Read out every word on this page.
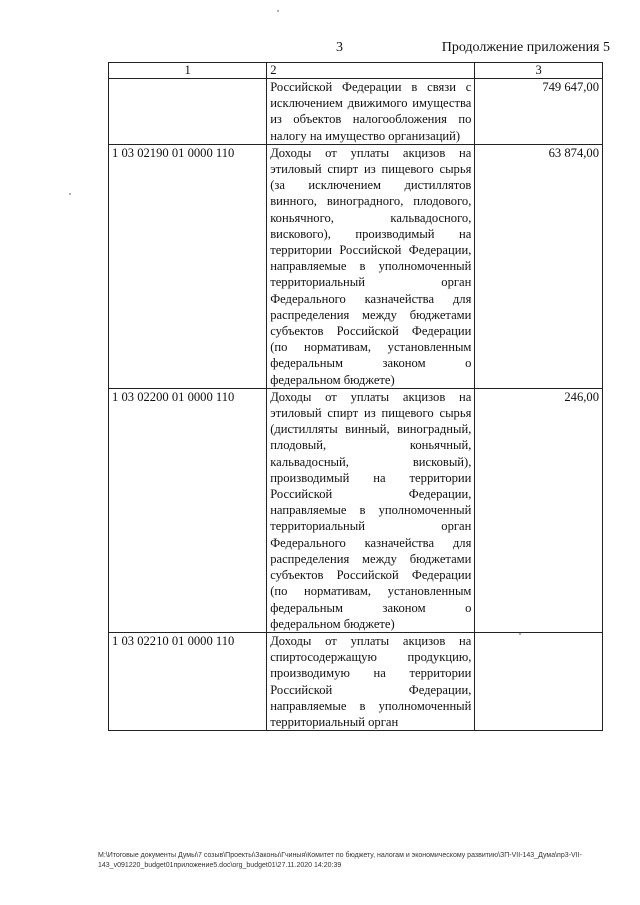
3	Продолжение приложения 5
1	2	3
	Российской Федерации в связи с исключением движимого имущества из объектов налогообложения по налогу на имущество организаций)	749 647,00

1 03 02190 01 0000 110	Доходы от уплаты акцизов на этиловый спирт из пищевого сырья (за исключением дистиллятов винного, виноградного, плодового, коньячного, кальвадосного, вискового), производимый на территории Российской Федерации, направляемые в уполномоченный территориальный орган Федерального казначейства для распределения между бюджетами субъектов Российской Федерации (по нормативам, установленным федеральным законом о федеральном бюджете)	63 874,00

1 03 02200 01 0000 110	Доходы от уплаты акцизов на этиловый спирт из пищевого сырья (дистилляты винный, виноградный, плодовый, коньячный, кальвадосный, висковый), производимый на территории Российской Федерации, направляемые в уполномоченный территориальный орган Федерального казначейства для распределения между бюджетами субъектов Российской Федерации (по нормативам, установленным федеральным законом о федеральном бюджете)	246,00

1 03 02210 01 0000 110	Доходы от уплаты акцизов на спиртосодержащую продукцию, производимую на территории Российской Федерации, направляемые в уполномоченный территориальный орган	
М:\Итоговые документы Думы\7 созыв\Проекты\Законы\Гчиныя\Комитет по бюджету, налогам и экономическому развитию\ЗП-VII-143_Дума\пр3-VII-143_v091220_budget01приложение5.doc\org_budget01\27.11.2020 14:20:39
